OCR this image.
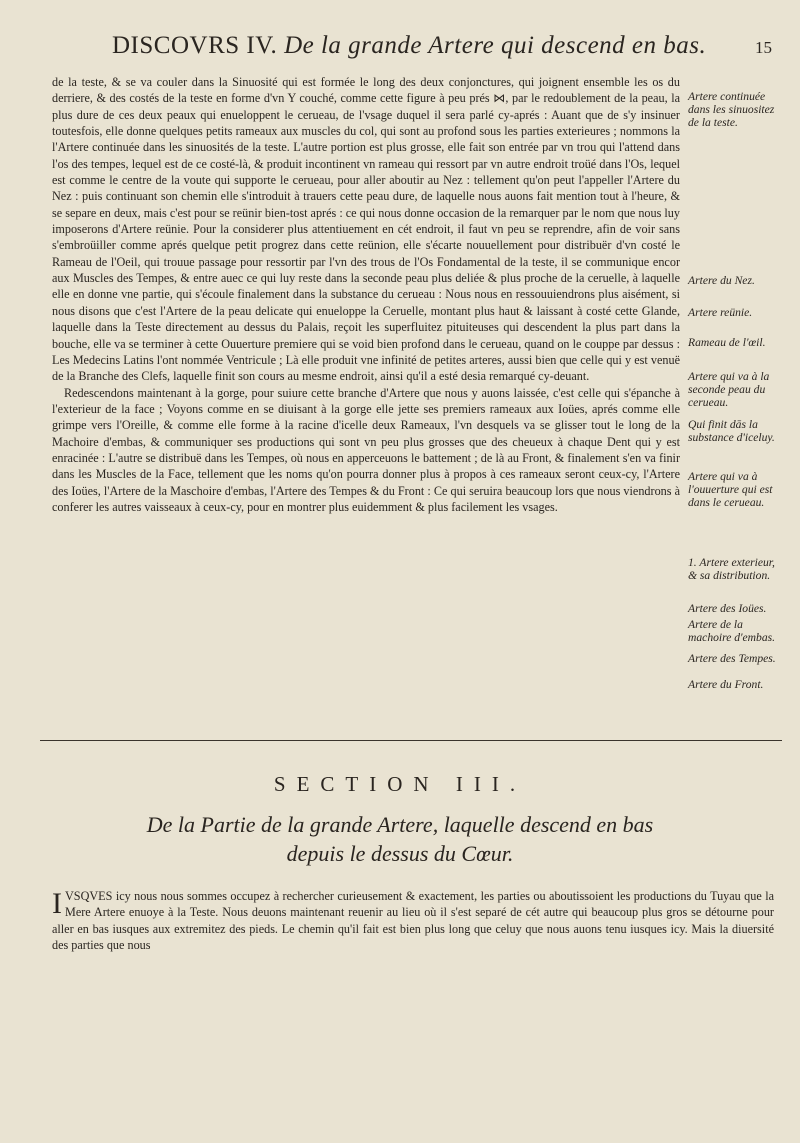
DISCOVRS IV. De la grande Artere qui descend en bas.	15

de la teste, & se va couler dans la Sinuosité qui est formée le long des deux conjonctures, qui joignent ensemble les os du derriere, & des costés de la teste en forme d'vn Y couché, comme cette figure à peu prés ⋈, par le redoublement de la peau, la plus dure de ces deux peaux qui enueloppent le cerueau, de l'vsage duquel il sera parlé cy-aprés : Auant que de s'y insinuer toutesfois, elle donne quelques petits rameaux aux muscles du col, qui sont au profond sous les parties exterieures ; nommons la l'Artere continuée dans les sinuosités de la teste. L'autre portion est plus grosse, elle fait son entrée par vn trou qui l'attend dans l'os des tempes, lequel est de ce costé-là, & produit incontinent vn rameau qui ressort par vn autre endroit troüé dans l'Os, lequel est comme le centre de la voute qui supporte le cerueau, pour aller aboutir au Nez : tellement qu'on peut l'appeller l'Artere du Nez : puis continuant son chemin elle s'introduit à trauers cette peau dure, de laquelle nous auons fait mention tout à l'heure, & se separe en deux, mais c'est pour se reünir bien-tost aprés : ce qui nous donne occasion de la remarquer par le nom que nous luy imposerons d'Artere reünie. Pour la considerer plus attentiuement en cét endroit, il faut vn peu se reprendre, afin de voir sans s'embroüiller comme aprés quelque petit progrez dans cette reünion, elle s'écarte nouuellement pour distribuër d'vn costé le Rameau de l'Oeil, qui trouue passage pour ressortir par l'vn des trous de l'Os Fondamental de la teste, il se communique encor aux Muscles des Tempes, & entre auec ce qui luy reste dans la seconde peau plus deliée & plus proche de la ceruelle, à laquelle elle en donne vne partie, qui s'écoule finalement dans la substance du cerueau : Nous nous en ressouuiendrons plus aisément, si nous disons que c'est l'Artere de la peau delicate qui enueloppe la Ceruelle, montant plus haut & laissant à costé cette Glande, laquelle dans la Teste directement au dessus du Palais, reçoit les superfluitez pituiteuses qui descendent la plus part dans la bouche, elle va se terminer à cette Ouuerture premiere qui se void bien profond dans le cerueau, quand on le couppe par dessus : Les Medecins Latins l'ont nommée Ventricule ; Là elle produit vne infinité de petites arteres, aussi bien que celle qui y est venuë de la Branche des Clefs, laquelle finit son cours au mesme endroit, ainsi qu'il a esté desia remarqué cy-deuant.

Redescendons maintenant à la gorge, pour suiure cette branche d'Artere que nous y auons laissée, c'est celle qui s'épanche à l'exterieur de la face ; Voyons comme en se diuisant à la gorge elle jette ses premiers rameaux aux Ioües, aprés comme elle grimpe vers l'Oreille, & comme elle forme à la racine d'icelle deux Rameaux, l'vn desquels va se glisser tout le long de la Machoire d'embas, & communiquer ses productions qui sont vn peu plus grosses que des cheueux à chaque Dent qui y est enracinée : L'autre se distribuë dans les Tempes, où nous en apperceuons le battement ; de là au Front, & finalement s'en va finir dans les Muscles de la Face, tellement que les noms qu'on pourra donner plus à propos à ces rameaux seront ceux-cy, l'Artere des Ioües, l'Artere de la Maschoire d'embas, l'Artere des Tempes & du Front : Ce qui seruira beaucoup lors que nous viendrons à conferer les autres vaisseaux à ceux-cy, pour en montrer plus euidemment & plus facilement les vsages.

Artere continuée dans les sinuositez de la teste.
Artere du Nez.
Artere reünie.
Rameau de l'œil.
Artere qui va à la seconde peau du cerueau.
Qui finit dās la substance d'iceluy.
Artere qui va à l'ouuerture qui est dans le cerueau.
1. Artere exterieur, & sa distribution.
Artere des Ioües.
Artere de la machoire d'embas.
Artere des Tempes.
Artere du Front.
SECTION III.
De la Partie de la grande Artere, laquelle descend en bas
depuis le dessus du Cœur.

IVSQVES icy nous nous sommes occupez à rechercher curieusement & exactement, les parties ou aboutissoient les productions du Tuyau que la Mere Artere enuoye à la Teste. Nous deuons maintenant reuenir au lieu où il s'est separé de cét autre qui beaucoup plus gros se détourne pour aller en bas iusques aux extremitez des pieds. Le chemin qu'il fait est bien plus long que celuy que nous auons tenu iusques icy. Mais la diuersité des parties que nous
